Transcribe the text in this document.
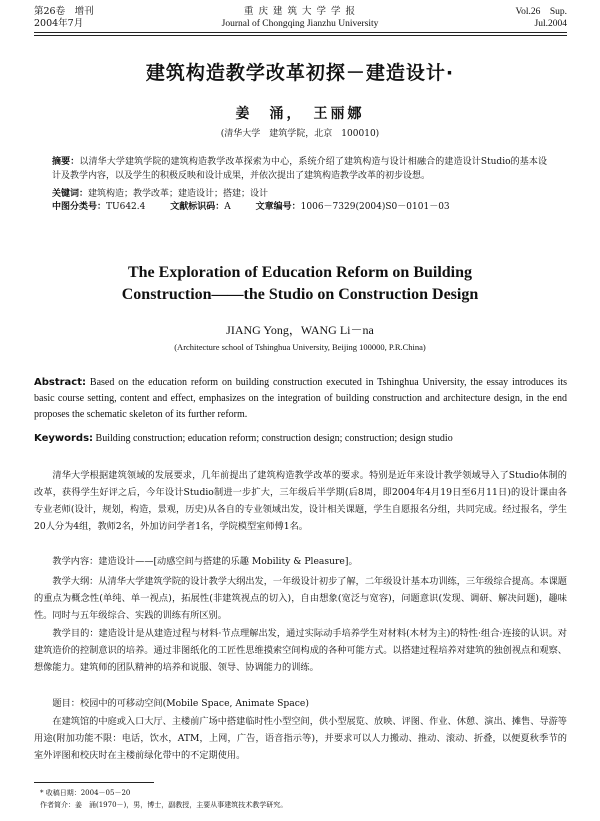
第26卷　增刊
2004年7月
重 庆 建 筑 大 学 学 报
Journal of Chongqing Jianzhu University
Vol.26　Sup.
Jul.2004
建筑构造教学改革初探－建造设计·
姜　涌，　王丽娜
(清华大学　建筑学院，北京　100010)
摘要：以清华大学建筑学院的建筑构造教学改革探索为中心，系统介绍了建筑构造与设计相融合的建造设计Studio的基本设计及教学内容，以及学生的积极反映和设计成果，并依次提出了建筑构造教学改革的初步设想。
关键词：建筑构造；教学改革；建造设计；搭建；设计
中图分类号：TU642.4	文献标识码：A	文章编号：1006－7329(2004)S0－0101－03
The Exploration of Education Reform on Building
Construction——the Studio on Construction Design
JIANG Yong，WANG Li－na
(Architecture school of Tshinghua University, Beijing 100000, P.R.China)
Abstract: Based on the education reform on building construction executed in Tshinghua University, the essay introduces its basic course setting, content and effect, emphasizes on the integration of building construction and architecture design, in the end proposes the schematic skeleton of its further reform.
Keywords: Building construction; education reform; construction design; construction; design studio
清华大学根据建筑领域的发展要求，几年前提出了建筑构造教学改革的要求。特别是近年来设计教学领域导入了Studio体制的改革，获得学生好评之后，今年设计Studio制进一步扩大，三年级后半学期(后8周，即2004年4月19日至6月11日)的设计课由各专业老师(设计，规划，构造，景观，历史)从各自的专业领域出发，设计相关课题，学生自愿报名分组，共同完成。经过报名，学生20人分为4组，教师2名，外加访问学者1名，学院模型室师傅1名。
教学内容：建造设计——[动感空间与搭建的乐趣 Mobility & Pleasure]。
教学大纲：从清华大学建筑学院的设计教学大纲出发，一年级设计初步了解，二年级设计基本功训练，三年级综合提高。本课题的重点为概念性(单纯、单一视点)，拓展性(非建筑视点的切入)，自由想象(宽泛与宽容)，问题意识(发现、调研、解决问题)，趣味性。同时与五年级综合、实践的训练有所区别。
教学目的：建造设计是从建造过程与材料·节点理解出发，通过实际动手培养学生对材料(木材为主)的特性·组合·连接的认识。对建筑造价的控制意识的培养。通过非图纸化的工匠性思维摸索空间构成的各种可能方式。以搭建过程培养对建筑的独创视点和观察、想像能力。建筑师的团队精神的培养和说服、领导、协调能力的训练。
题目：校园中的可移动空间(Mobile Space, Animate Space)
在建筑馆的中庭或入口大厅、主楼前广场中搭建临时性小型空间，供小型展览、放映、评图、作业、休憩、演出、摊售、导游等用途(附加功能不限：电话，饮水，ATM，上网，广告，语音指示等)，并要求可以人力搬动、推动、滚动、折叠，以便夏秋季节的室外评图和校庆时在主楼前绿化带中的不定期使用。
* 收稿日期：2004－05－20
作者简介：姜　涌(1970－)，男，博士，副教授，主要从事建筑技术教学研究。
